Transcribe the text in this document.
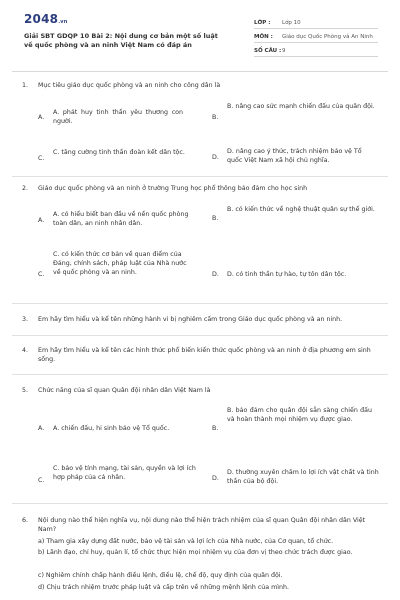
2048.vn
Giải SBT GDQP 10 Bài 2: Nội dung cơ bản một số luật về quốc phòng và an ninh Việt Nam có đáp án
LỚP :	Lớp 10
MÔN :	Giáo dục Quốc Phòng và An Ninh
SỐ CÂU : 9
1. Mục tiêu giáo dục quốc phòng và an ninh cho công dân là
A.
A. phát huy tinh thần yêu thương con người.
B.
B. nâng cao sức mạnh chiến đấu của quân đội.
C.
C. tăng cường tinh thần đoàn kết dân tộc.
D.
D. nâng cao ý thức, trách nhiệm bảo vệ Tổ quốc Việt Nam xã hội chủ nghĩa.
2. Giáo dục quốc phòng và an ninh ở trường Trung học phổ thông bảo đảm cho học sinh
A.
A. có hiểu biết ban đầu về nền quốc phòng toàn dân, an ninh nhân dân.
B.
B. có kiến thức về nghệ thuật quân sự thế giới.
C.
C. có kiến thức cơ bản về quan điểm của Đảng, chính sách, pháp luật của Nhà nước về quốc phòng và an ninh.	D. D. có tinh thần tự hào, tự tôn dân tộc.
3. Em hãy tìm hiểu và kể tên những hành vi bị nghiêm cấm trong Giáo dục quốc phòng và an ninh.
4. Em hãy tìm hiểu và kể tên các hình thức phổ biến kiến thức quốc phòng và an ninh ở địa phương em sinh sống.
5. Chức năng của sĩ quan Quân đội nhân dân Việt Nam là
A. A. chiến đấu, hi sinh bảo vệ Tổ quốc.	B.
B. bảo đảm cho quân đội sẵn sàng chiến đấu và hoàn thành mọi nhiệm vụ được giao.
C.
C. bảo vệ tính mạng, tài sản, quyền và lợi ích hợp pháp của cá nhân.	D.
D. thường xuyên chăm lo lợi ích vật chất và tinh thần của bộ đội.
6. Nội dung nào thể hiện nghĩa vụ, nội dung nào thể hiện trách nhiệm của sĩ quan Quân đội nhân dân Việt Nam?
a) Tham gia xây dựng đất nước, bảo vệ tài sản và lợi ích của Nhà nước, của Cơ quan, tổ chức.
b) Lãnh đạo, chỉ huy, quản lí, tổ chức thực hiện mọi nhiệm vụ của đơn vị theo chức trách được giao.
c) Nghiêm chỉnh chấp hành điều lệnh, điều lệ, chế độ, quy định của quân đội.
d) Chịu trách nhiệm trước pháp luật và cấp trên về những mệnh lệnh của mình.
